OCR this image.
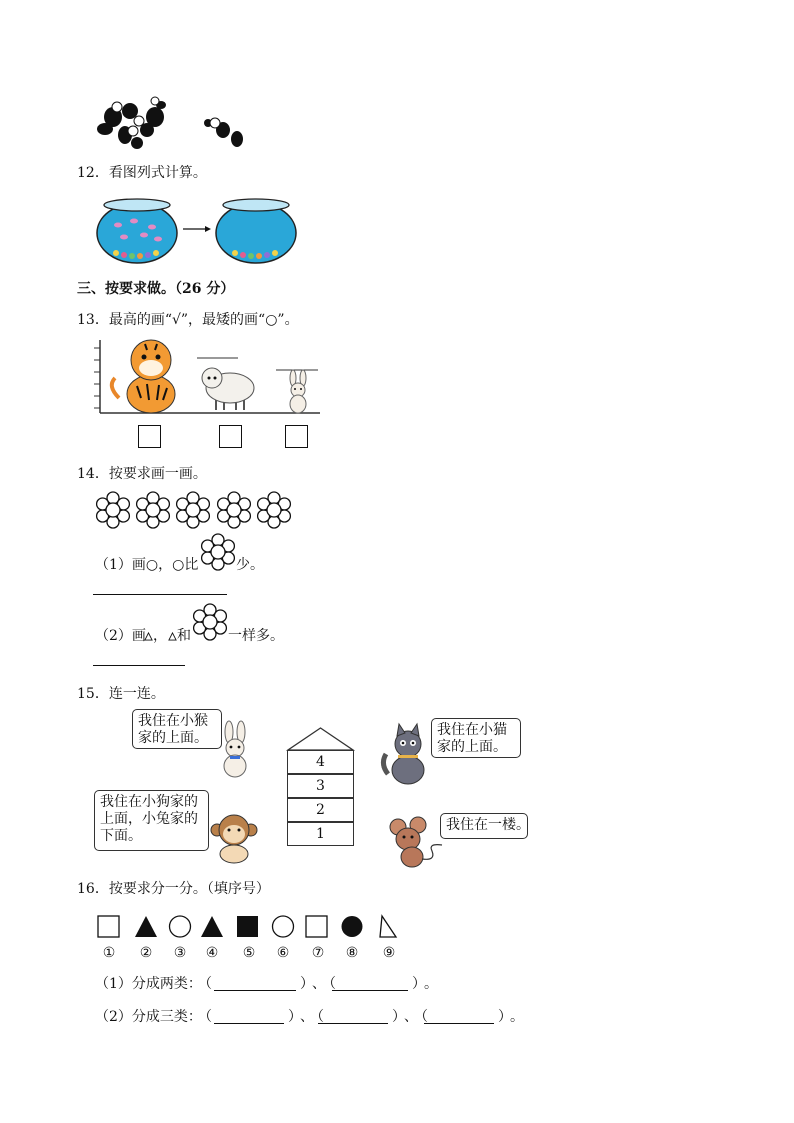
12．看图列式计算。
三、按要求做。（26 分）
13．最高的画“√”，最矮的画“○”。
14．按要求画一画。
（1）画○，○比	少。
（2）画 ， 和	一样多。
15．连一连。
我住在小猴
家的上面。
4
3
2
1
我住在小猫
家的上面。
我住在小狗家的
上面，小兔家的
下面。
我住在一楼。
16．按要求分一分。（填序号）
①	②	③	④	⑤	⑥	⑦	⑧	⑨
（1）分成两类：
（	）
、
（	）
。
（2）分成三类：
（	）
、
（	）
、
（	）
。
